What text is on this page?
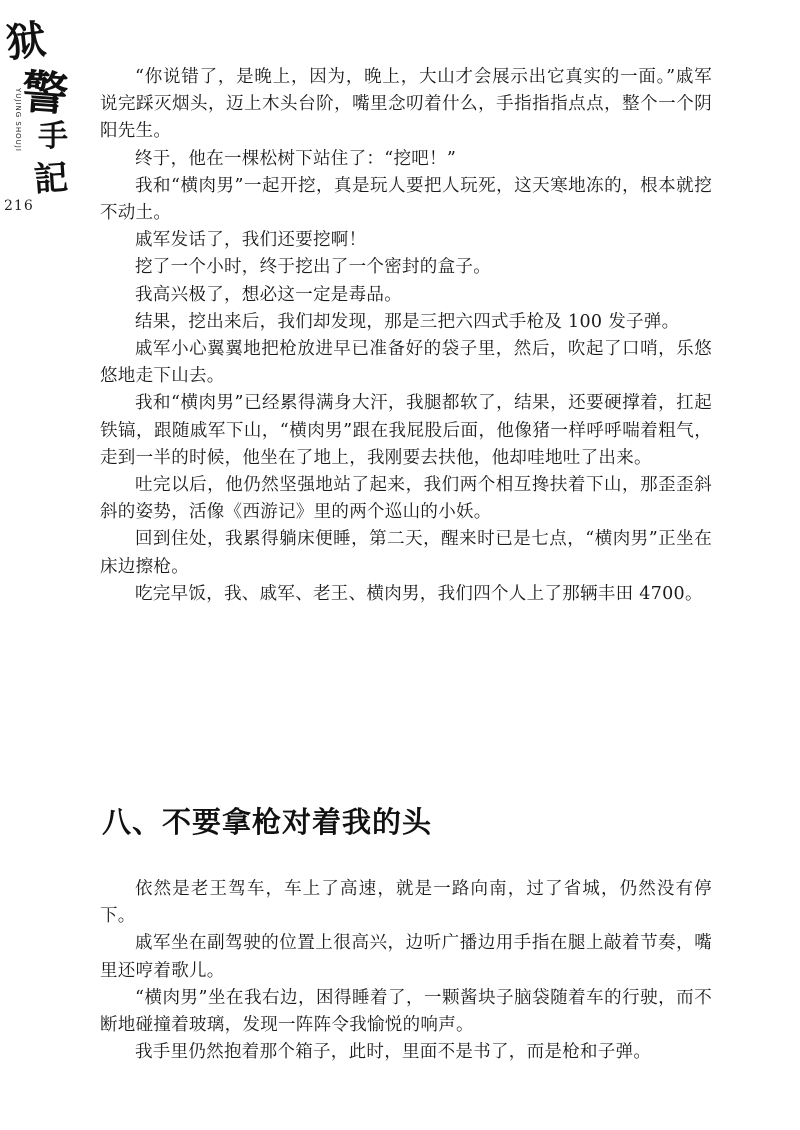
狱
警
手
記
YUJING SHOUJI
216

“你说错了，是晚上，因为，晚上，大山才会展示出它真实的一面。”戚军说完踩灭烟头，迈上木头台阶，嘴里念叨着什么，手指指指点点，整个一个阴阳先生。

终于，他在一棵松树下站住了：“挖吧！”

我和“横肉男”一起开挖，真是玩人要把人玩死，这天寒地冻的，根本就挖不动土。

戚军发话了，我们还要挖啊！

挖了一个小时，终于挖出了一个密封的盒子。

我高兴极了，想必这一定是毒品。

结果，挖出来后，我们却发现，那是三把六四式手枪及 100 发子弹。

戚军小心翼翼地把枪放进早已准备好的袋子里，然后，吹起了口哨，乐悠悠地走下山去。

我和“横肉男”已经累得满身大汗，我腿都软了，结果，还要硬撑着，扛起铁镐，跟随戚军下山，“横肉男”跟在我屁股后面，他像猪一样呼呼喘着粗气，走到一半的时候，他坐在了地上，我刚要去扶他，他却哇地吐了出来。

吐完以后，他仍然坚强地站了起来，我们两个相互搀扶着下山，那歪歪斜斜的姿势，活像《西游记》里的两个巡山的小妖。

回到住处，我累得躺床便睡，第二天，醒来时已是七点，“横肉男”正坐在床边擦枪。

吃完早饭，我、戚军、老王、横肉男，我们四个人上了那辆丰田 4700。

八、不要拿枪对着我的头

依然是老王驾车，车上了高速，就是一路向南，过了省城，仍然没有停下。

戚军坐在副驾驶的位置上很高兴，边听广播边用手指在腿上敲着节奏，嘴里还哼着歌儿。

“横肉男”坐在我右边，困得睡着了，一颗酱块子脑袋随着车的行驶，而不断地碰撞着玻璃，发现一阵阵令我愉悦的响声。

我手里仍然抱着那个箱子，此时，里面不是书了，而是枪和子弹。
